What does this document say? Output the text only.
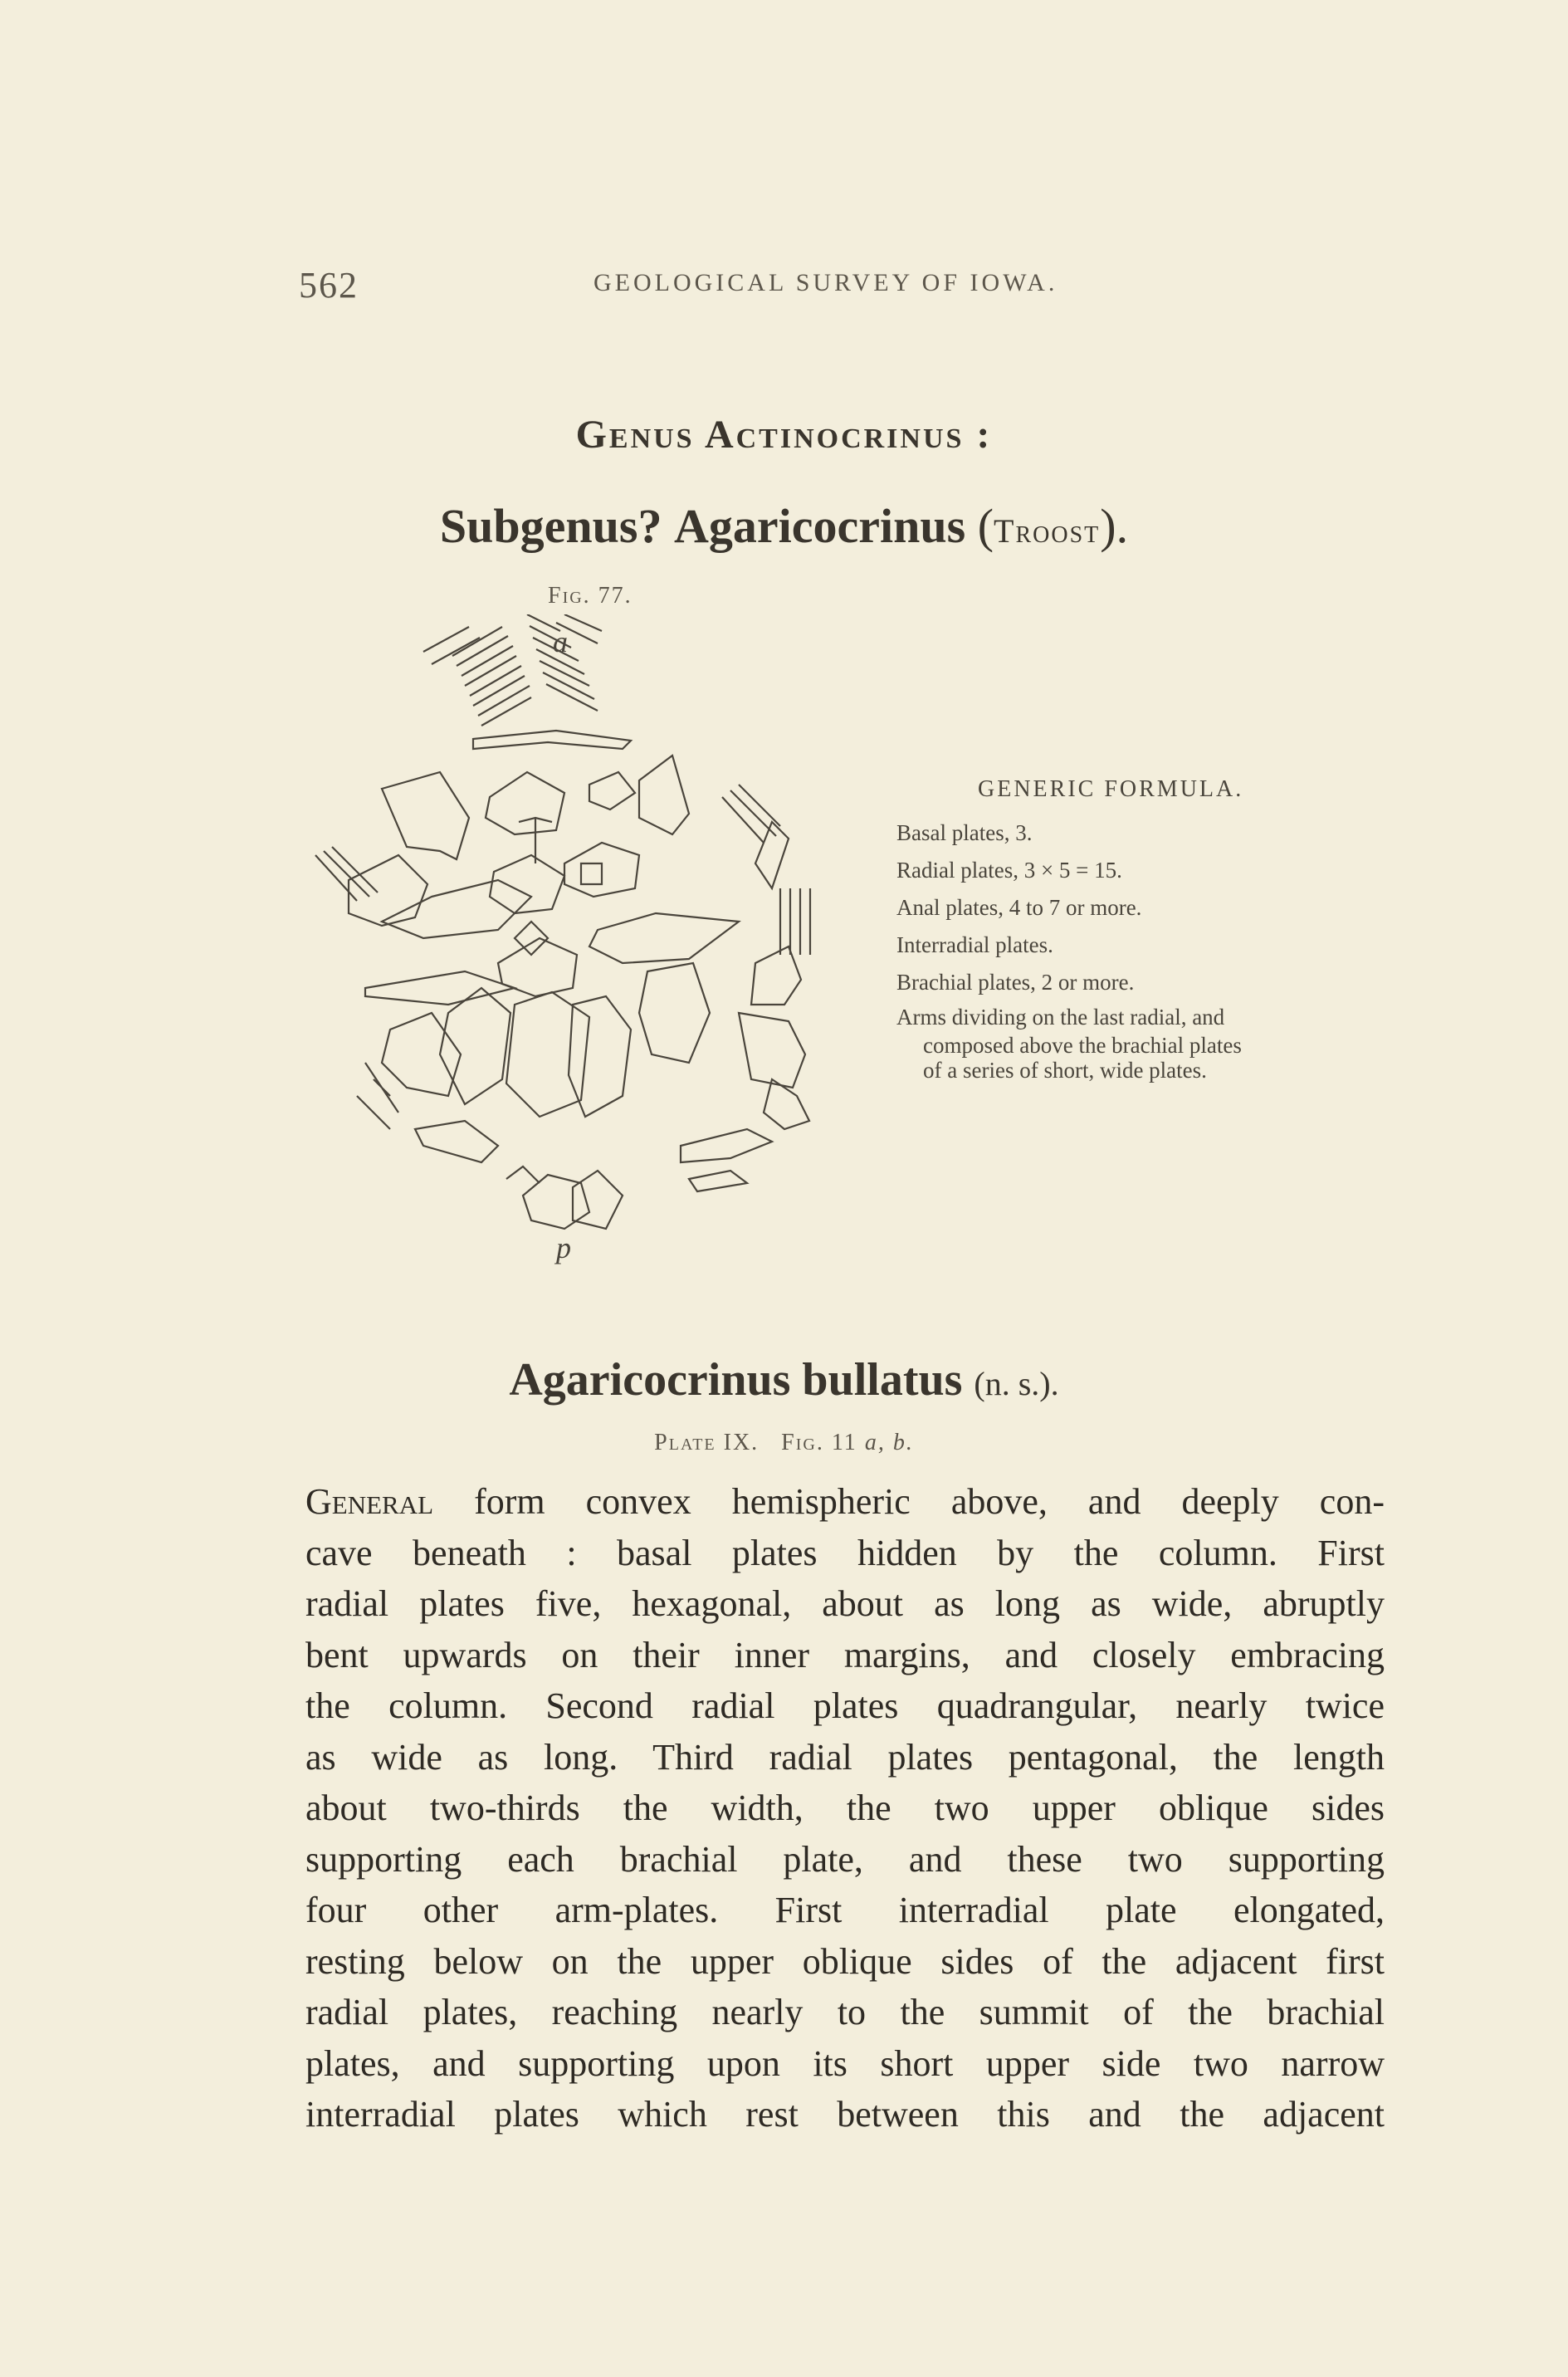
562	GEOLOGICAL SURVEY OF IOWA.
Genus Actinocrinus :
Subgenus? Agaricocrinus (Troost).
Fig. 77.
a
p
GENERIC FORMULA.
Basal plates, 3.
Radial plates, 3 × 5 = 15.
Anal plates, 4 to 7 or more.
Interradial plates.
Brachial plates, 2 or more.
Arms dividing on the last radial, and
composed above the brachial plates
of a series of short, wide plates.
Agaricocrinus bullatus (n. s.).
Plate IX. Fig. 11 a, b.
General form convex hemispheric above, and deeply con-
cave beneath : basal plates hidden by the column. First
radial plates five, hexagonal, about as long as wide, abruptly
bent upwards on their inner margins, and closely embracing
the column. Second radial plates quadrangular, nearly twice
as wide as long. Third radial plates pentagonal, the length
about two-thirds the width, the two upper oblique sides
supporting each brachial plate, and these two supporting
four other arm-plates. First interradial plate elongated,
resting below on the upper oblique sides of the adjacent first
radial plates, reaching nearly to the summit of the brachial
plates, and supporting upon its short upper side two narrow
interradial plates which rest between this and the adjacent
